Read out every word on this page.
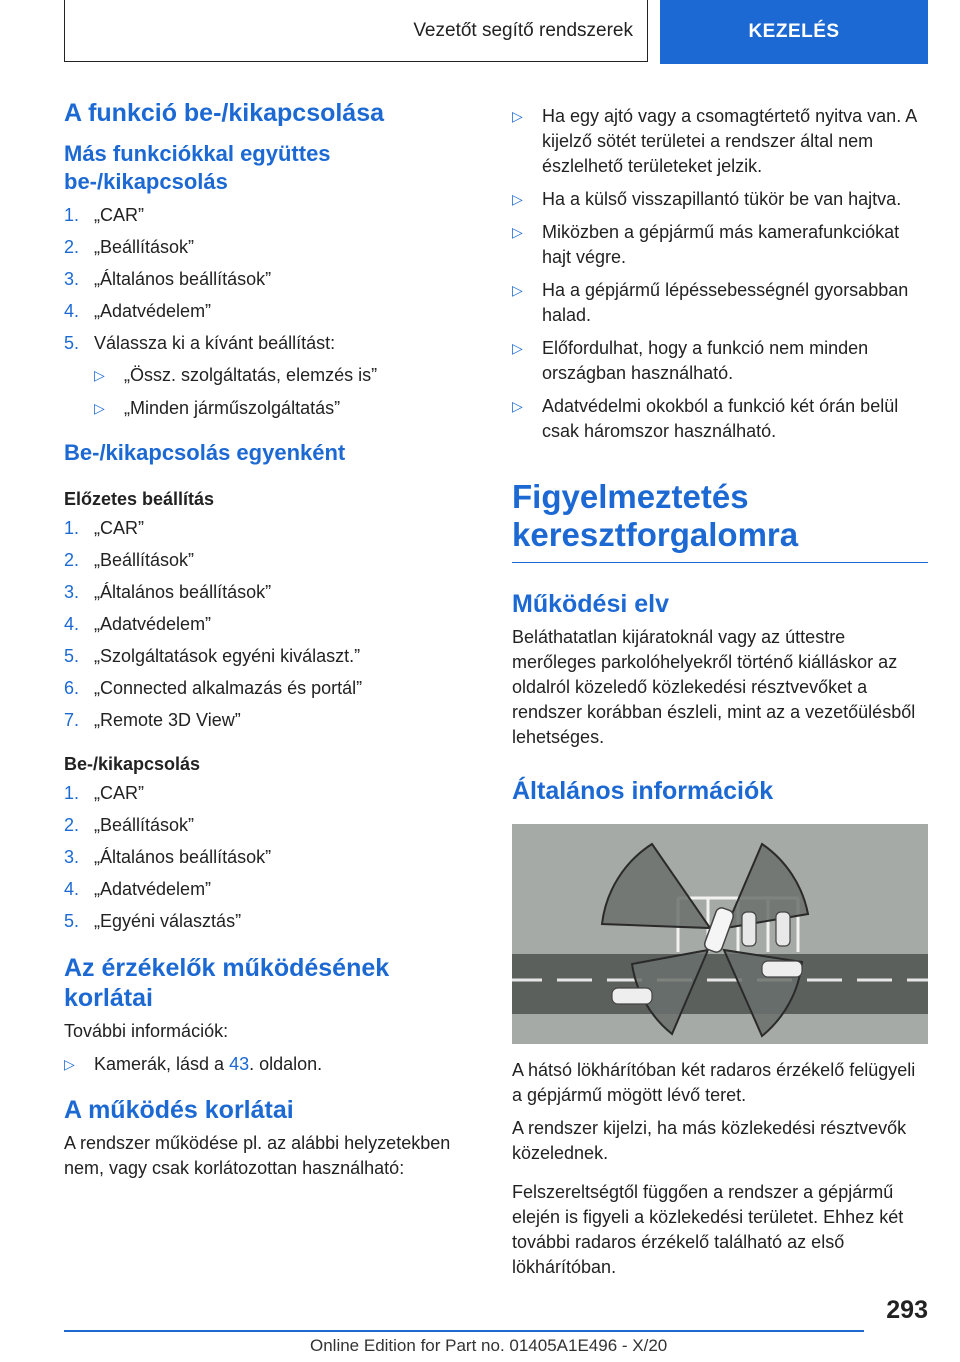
Vezetőt segítő rendszerek	KEZELÉS
A funkció be-/kikapcsolása
Más funkciókkal együttes be-/kikapcsolás
1. „CAR”
2. „Beállítások”
3. „Általános beállítások”
4. „Adatvédelem”
5. Válassza ki a kívánt beállítást:
▷	„Össz. szolgáltatás, elemzés is”
▷	„Minden járműszolgáltatás”
Be-/kikapcsolás egyenként
Előzetes beállítás
1. „CAR”
2. „Beállítások”
3. „Általános beállítások”
4. „Adatvédelem”
5. „Szolgáltatások egyéni kiválaszt.”
6. „Connected alkalmazás és portál”
7. „Remote 3D View”
Be-/kikapcsolás
1. „CAR”
2. „Beállítások”
3. „Általános beállítások”
4. „Adatvédelem”
5. „Egyéni választás”
Az érzékelők működésének korlátai

További információk:

▷	Kamerák, lásd a 43. oldalon.
A működés korlátai

A rendszer működése pl. az alábbi helyzetekben nem, vagy csak korlátozottan használható:

▷	Ha egy ajtó vagy a csomagtértető nyitva van. A kijelző sötét területei a rendszer által nem észlelhető területeket jelzik.
▷	Ha a külső visszapillantó tükör be van hajtva.
▷	Miközben a gépjármű más kamerafunkciókat hajt végre.
▷	Ha a gépjármű lépéssebességnél gyorsabban halad.
▷	Előfordulhat, hogy a funkció nem minden országban használható.
▷	Adatvédelmi okokból a funkció két órán belül csak háromszor használható.
Figyelmeztetés keresztforgalomra
Működési elv

Beláthatatlan kijáratoknál vagy az úttestre merőleges parkolóhelyekről történő kiálláskor az oldalról közeledő közlekedési résztvevőket a rendszer korábban észleli, mint az a vezetőülésből lehetséges.

Általános információk

A hátsó lökhárítóban két radaros érzékelő felügyeli a gépjármű mögött lévő teret.

A rendszer kijelzi, ha más közlekedési résztvevők közelednek.

Felszereltségtől függően a rendszer a gépjármű elején is figyeli a közlekedési területet. Ehhez két további radaros érzékelő található az első lökhárítóban.

293
Online Edition for Part no. 01405A1E496 - X/20
